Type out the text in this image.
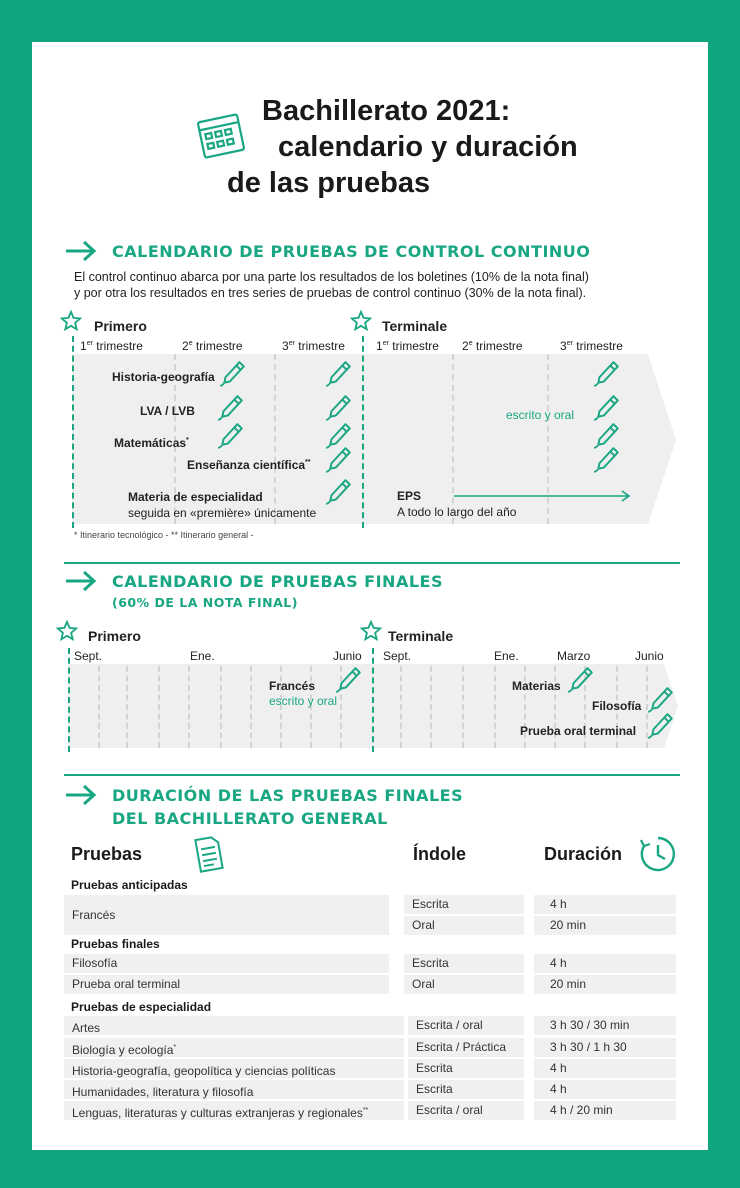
Bachillerato 2021:
calendario y duración
de las pruebas
CALENDARIO DE PRUEBAS DE CONTROL CONTINUO
El control continuo abarca por una parte los resultados de los boletines (10% de la nota final)
y por otra los resultados en tres series de pruebas de control continuo (30% de la nota final).
Primero	Terminale
1er trimestre	2e trimestre	3er trimestre	1er trimestre 2e trimestre	3er trimestre
Historia-geografía
LVA / LVB
Matemáticas*
Enseñanza científica**
Materia de especialidad
seguida en «première» únicamente
escrito y oral
EPS
A todo lo largo del año
* Itinerario tecnológico - ** Itinerario general -
CALENDARIO DE PRUEBAS FINALES
(60% DE LA NOTA FINAL)
Primero	Terminale
Sept.	Ene.	Junio Sept.	Ene.	Marzo	Junio
Francés
escrito y oral
Materias
Filosofía
Prueba oral terminal
DURACIÓN DE LAS PRUEBAS FINALES
DEL BACHILLERATO GENERAL
Pruebas	Índole	Duración
Pruebas anticipadas
Francés
Escrita	4 h
Oral	20 min
Pruebas finales
Filosofía	Escrita	4 h
Prueba oral terminal	Oral	20 min
Pruebas de especialidad
Artes	Escrita / oral	3 h 30 / 30 min
Biología y ecología*	Escrita / Práctica	3 h 30 / 1 h 30
Historia-geografía, geopolítica y ciencias políticas	Escrita	4 h
Humanidades, literatura y filosofía	Escrita	4 h
Lenguas, literaturas y culturas extranjeras y regionales**	Escrita / oral	4 h / 20 min
